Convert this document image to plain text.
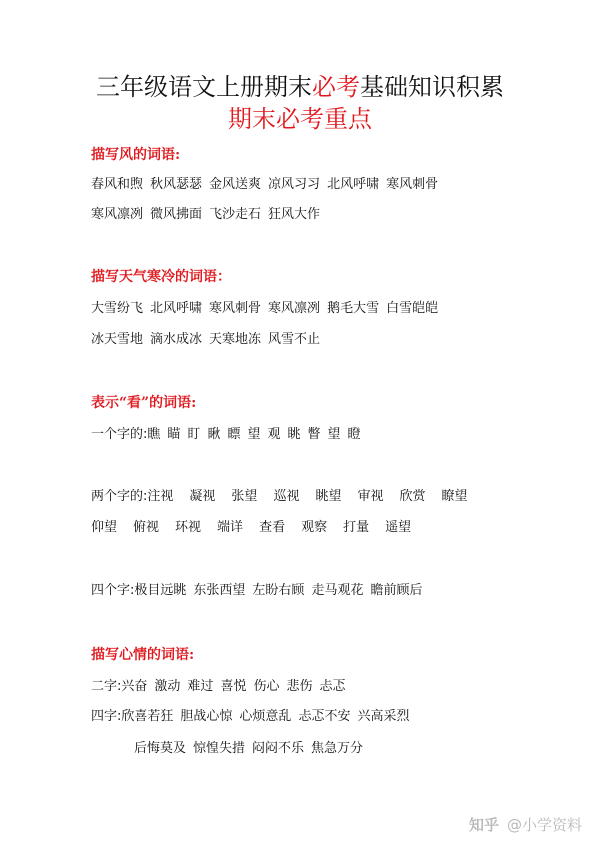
三年级语文上册期末必考基础知识积累
期末必考重点
描写风的词语:
春风和煦 秋风瑟瑟 金风送爽 凉风习习 北风呼啸 寒风刺骨
寒风凛冽 微风拂面 飞沙走石 狂风大作
描写天气寒冷的词语：
大雪纷飞 北风呼啸 寒风刺骨 寒风凛冽 鹅毛大雪 白雪皑皑
冰天雪地 滴水成冰 天寒地冻 风雪不止
表示“看”的词语:
一个字的:瞧 瞄 盯 瞅 瞟 望 观 眺 瞥 望 瞪
两个字的:注视 凝视 张望 巡视 眺望 审视 欣赏 瞭望
仰望 俯视 环视 端详 查看 观察 打量 遥望
四个字:极目远眺 东张西望 左盼右顾 走马观花 瞻前顾后
描写心情的词语:
二字:兴奋 激动 难过 喜悦 伤心 悲伤 忐忑
四字:欣喜若狂 胆战心惊 心烦意乱 忐忑不安 兴高采烈
后悔莫及 惊惶失措 闷闷不乐 焦急万分
知乎 @小学资料
